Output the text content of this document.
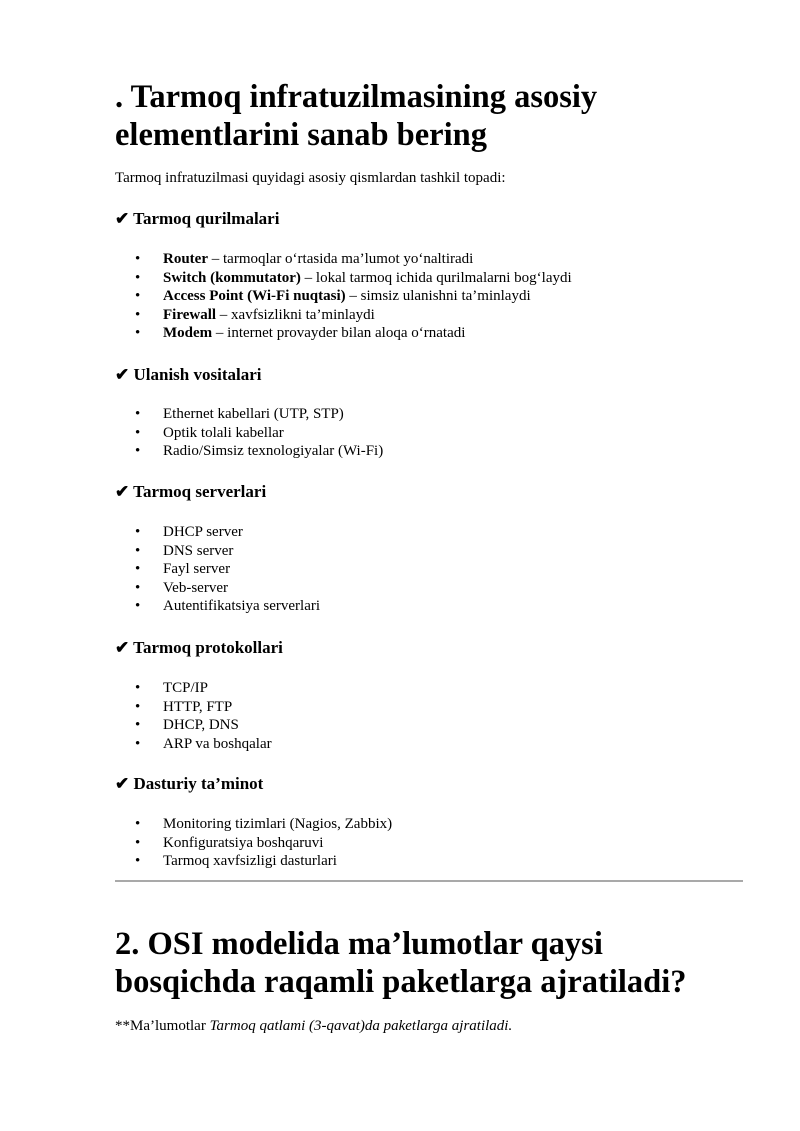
. Tarmoq infratuzilmasining asosiy elementlarini sanab bering

Tarmoq infratuzilmasi quyidagi asosiy qismlardan tashkil topadi:

✔ Tarmoq qurilmalari
• Router – tarmoqlar o‘rtasida ma’lumot yo‘naltiradi
• Switch (kommutator) – lokal tarmoq ichida qurilmalarni bog‘laydi
• Access Point (Wi-Fi nuqtasi) – simsiz ulanishni ta’minlaydi
• Firewall – xavfsizlikni ta’minlaydi
• Modem – internet provayder bilan aloqa o‘rnatadi
✔ Ulanish vositalari
• Ethernet kabellari (UTP, STP)
• Optik tolali kabellar
• Radio/Simsiz texnologiyalar (Wi-Fi)
✔ Tarmoq serverlari
• DHCP server
• DNS server
• Fayl server
• Veb-server
• Autentifikatsiya serverlari
✔ Tarmoq protokollari
• TCP/IP
• HTTP, FTP
• DHCP, DNS
• ARP va boshqalar
✔ Dasturiy ta’minot
• Monitoring tizimlari (Nagios, Zabbix)
• Konfiguratsiya boshqaruvi
• Tarmoq xavfsizligi dasturlari
2. OSI modelida ma’lumotlar qaysi bosqichda raqamli paketlarga ajratiladi?

**Ma’lumotlar Tarmoq qatlami (3-qavat)da paketlarga ajratiladi.
